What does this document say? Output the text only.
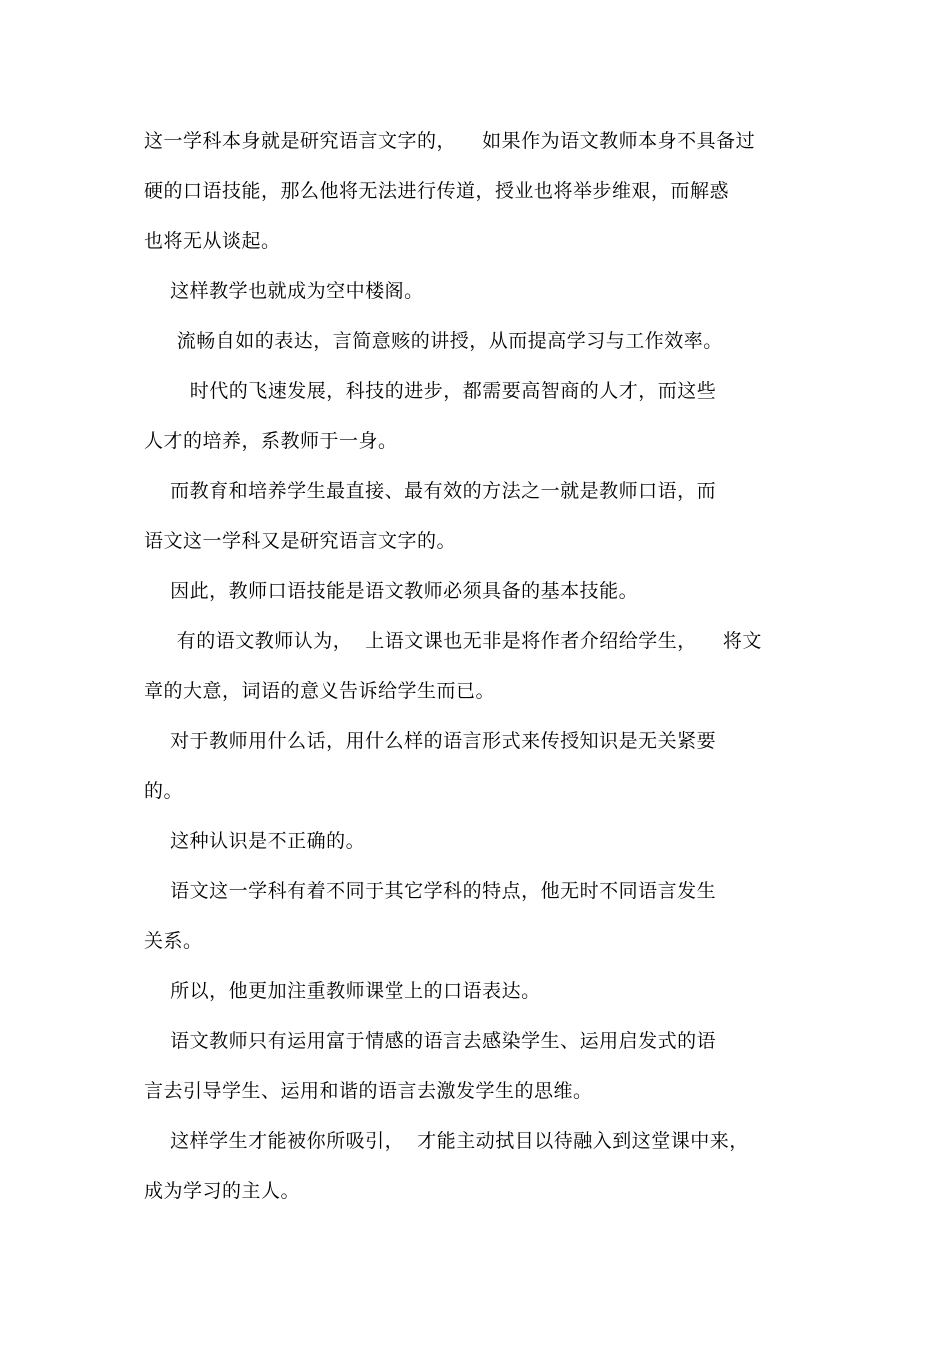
这一学科本身就是研究语言文字的，    如果作为语文教师本身不具备过
硬的口语技能，那么他将无法进行传道，授业也将举步维艰，而解惑
也将无从谈起。
这样教学也就成为空中楼阁。
流畅自如的表达，言简意赅的讲授，从而提高学习与工作效率。
时代的飞速发展，科技的进步，都需要高智商的人才，而这些
人才的培养，系教师于一身。
而教育和培养学生最直接、最有效的方法之一就是教师口语，而
语文这一学科又是研究语言文字的。
因此，教师口语技能是语文教师必须具备的基本技能。
有的语文教师认为，  上语文课也无非是将作者介绍给学生，    将文
章的大意，词语的意义告诉给学生而已。
对于教师用什么话，用什么样的语言形式来传授知识是无关紧要
的。
这种认识是不正确的。
语文这一学科有着不同于其它学科的特点，他无时不同语言发生
关系。
所以，他更加注重教师课堂上的口语表达。
语文教师只有运用富于情感的语言去感染学生、运用启发式的语
言去引导学生、运用和谐的语言去激发学生的思维。
这样学生才能被你所吸引，  才能主动拭目以待融入到这堂课中来，
成为学习的主人。
